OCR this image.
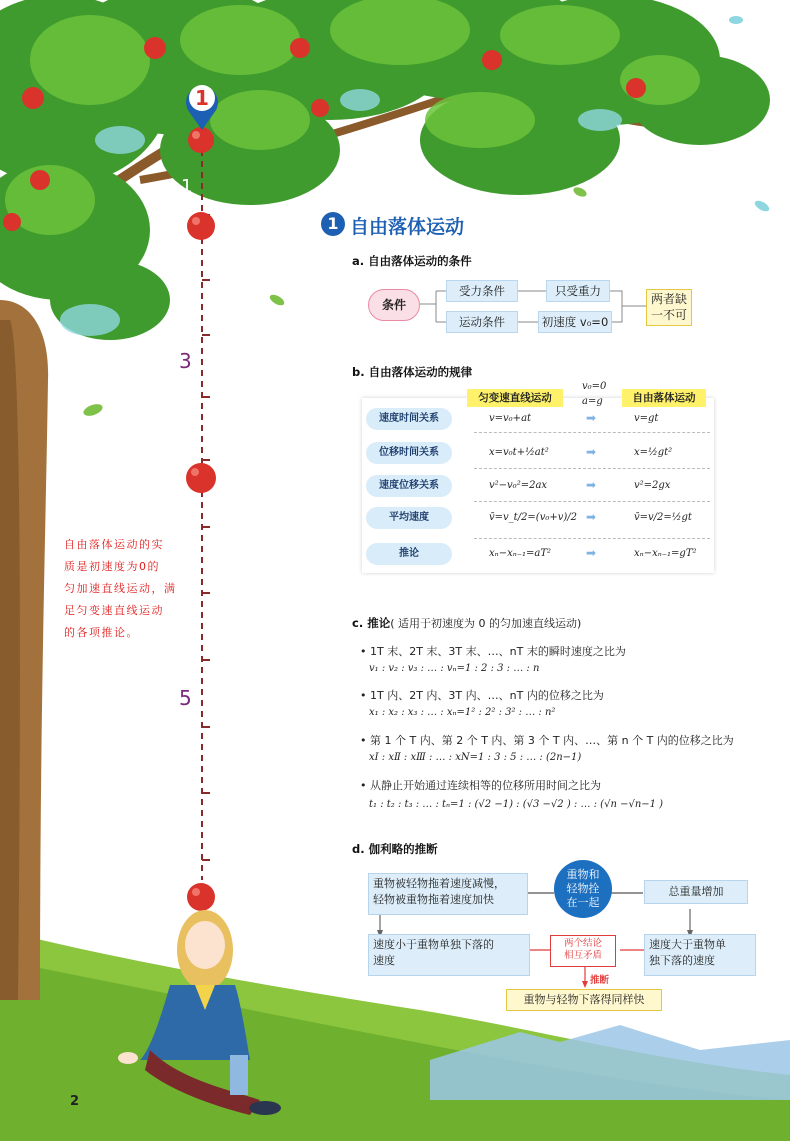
1
1
3
5
自由落体运动的实
质是初速度为0的
匀加速直线运动，满
足匀变速直线运动
的各项推论。
2
1 自由落体运动
a. 自由落体运动的条件
条件
受力条件	只受重力
运动条件	初速度 v₀=0
两者缺
一不可
b. 自由落体运动的规律
匀变速直线运动	自由落体运动
v₀=0
a=g
速度时间关系	v=v₀+at	➡	v=gt
位移时间关系	x=v₀t+½at²	➡	x=½gt²
速度位移关系	v²−v₀²=2ax	➡	v²=2gx
平均速度	v̄=v_t/2=(v₀+v)/2 ➡	v̄=v/2=½gt
推论	xₙ−xₙ₋₁=aT²	➡	xₙ−xₙ₋₁=gT²
c. 推论( 适用于初速度为 0 的匀加速直线运动)
• 1T 末、2T 末、3T 末、…、nT 末的瞬时速度之比为
v₁ : v₂ : v₃ : … : vₙ=1 : 2 : 3 : … : n
• 1T 内、2T 内、3T 内、…、nT 内的位移之比为
x₁ : x₂ : x₃ : … : xₙ=1² : 2² : 3² : … : n²
• 第 1 个 T 内、第 2 个 T 内、第 3 个 T 内、…、第 n 个 T 内的位移之比为
xⅠ : xⅡ : xⅢ : … : xN=1 : 3 : 5 : … : (2n−1)
• 从静止开始通过连续相等的位移所用时间之比为
t₁ : t₂ : t₃ : … : tₙ=1 : (√2 −1) : (√3 −√2 ) : … : (√n −√n−1 )
d. 伽利略的推断
重物被轻物拖着速度减慢，
轻物被重物拖着速度加快
重物和
轻物拴
在一起
总重量增加
速度小于重物单独下落的
速度
两个结论
相互矛盾
速度大于重物单
独下落的速度
推断
重物与轻物下落得同样快
